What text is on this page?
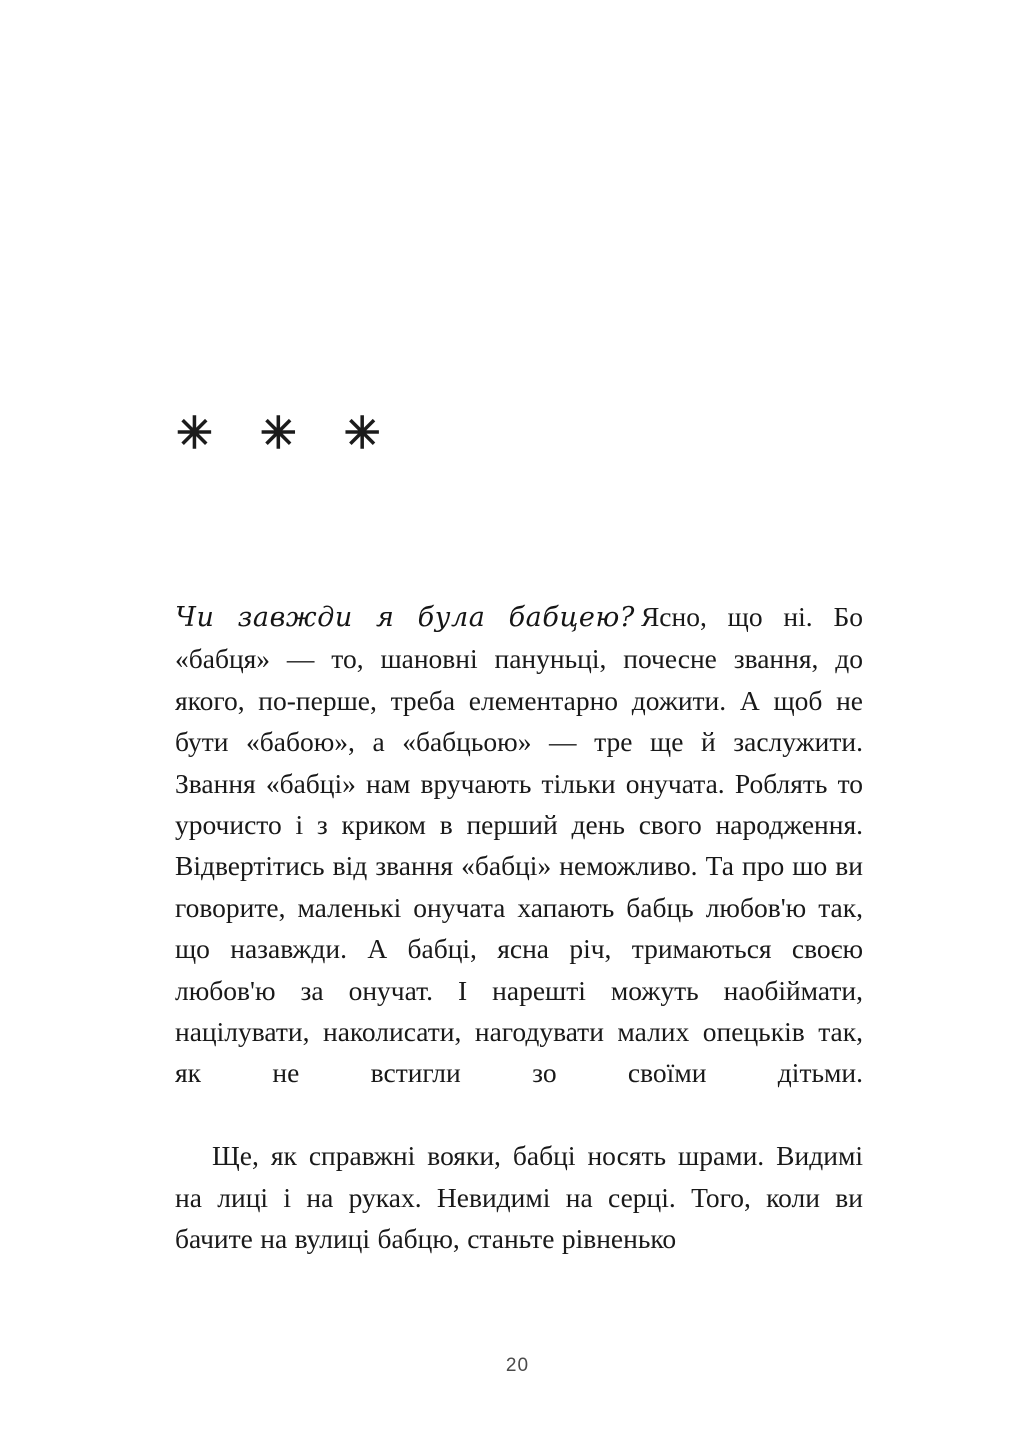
✳ ✳ ✳

Чи завжди я була бабцею? Ясно, що ні. Бо «бабця» — то, шановні пануньці, почесне звання, до якого, по-перше, треба елементарно дожити. А щоб не бути «бабою», а «бабцьою» — тре ще й заслужити. Звання «бабці» нам вручають тільки онучата. Роблять то урочисто і з криком в перший день свого народження. Відвертітись від звання «бабці» неможливо. Та про шо ви говорите, маленькі онучата хапають бабць любов'ю так, що назавжди. А бабці, ясна річ, тримаються своєю любов'ю за онучат. І нарешті можуть наобіймати, націлувати, наколисати, нагодувати малих опецьків так, як не встигли зо своїми дітьми.

Ще, як справжні вояки, бабці носять шрами. Видимі на лиці і на руках. Невидимі на серці. Того, коли ви бачите на вулиці бабцю, станьте рівненько

20
